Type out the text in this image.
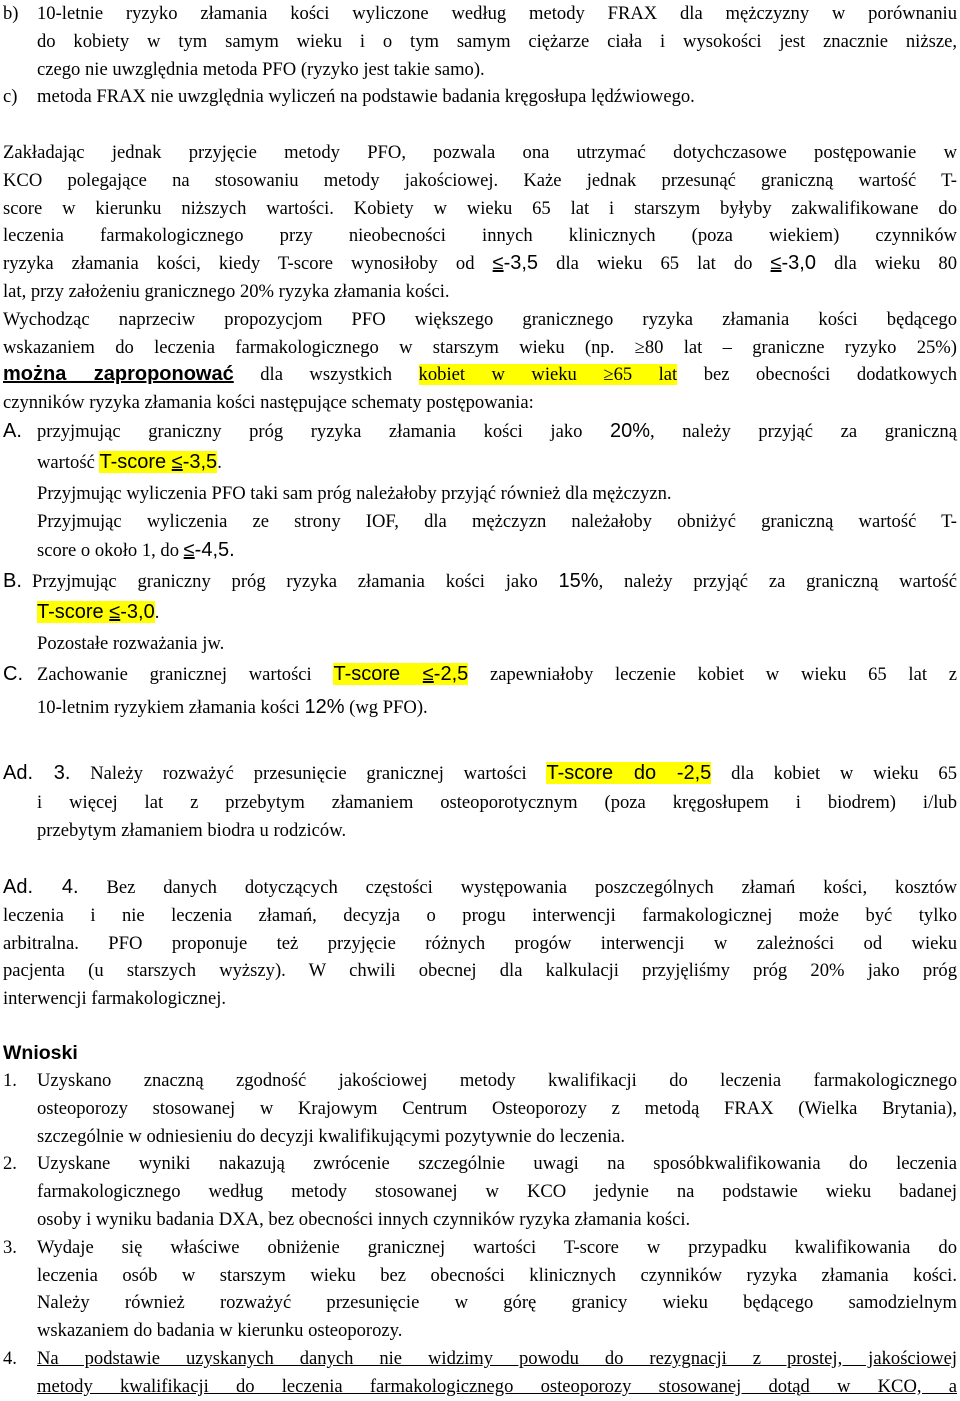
b) 10-letnie ryzyko złamania kości wyliczone według metody FRAX dla mężczyzny w porównaniu
do kobiety w tym samym wieku i o tym samym ciężarze ciała i wysokości jest znacznie niższe,
czego nie uwzględnia metoda PFO (ryzyko jest takie samo).
c)	metoda FRAX nie uwzględnia wyliczeń na podstawie badania kręgosłupa lędźwiowego.
Zakładając jednak przyjęcie metody PFO, pozwala ona utrzymać dotychczasowe postępowanie w
KCO polegające na stosowaniu metody jakościowej. Każe jednak przesunąć graniczną wartość T-
score w kierunku niższych wartości. Kobiety w wieku 65 lat i starszym byłyby zakwalifikowane do
leczenia farmakologicznego przy nieobecności innych klinicznych (poza wiekiem) czynników
ryzyka złamania kości, kiedy T-score wynosiłoby od ≤-3,5 dla wieku 65 lat do ≤-3,0 dla wieku 80
lat, przy założeniu granicznego 20% ryzyka złamania kości.
Wychodząc naprzeciw propozycjom PFO większego granicznego ryzyka złamania kości będącego
wskazaniem do leczenia farmakologicznego w starszym wieku (np. ≥80 lat – graniczne ryzyko 25%)
można zaproponować dla wszystkich kobiet w wieku ≥65 lat bez obecności dodatkowych
czynników ryzyka złamania kości następujące schematy postępowania:
A. przyjmując graniczny próg ryzyka złamania kości jako 20%, należy przyjąć za graniczną
wartość T-score ≤-3,5.
Przyjmując wyliczenia PFO taki sam próg należałoby przyjąć również dla mężczyzn.
Przyjmując wyliczenia ze strony IOF, dla mężczyzn należałoby obniżyć graniczną wartość T-
score o około 1, do ≤-4,5.
B. Przyjmując graniczny próg ryzyka złamania kości jako 15%, należy przyjąć za graniczną wartość
T-score ≤-3,0.
Pozostałe rozważania jw.
C. Zachowanie granicznej wartości T-score ≤-2,5 zapewniałoby leczenie kobiet w wieku 65 lat z
10-letnim ryzykiem złamania kości 12% (wg PFO).
Ad. 3. Należy rozważyć przesunięcie granicznej wartości T-score do -2,5 dla kobiet w wieku 65
i więcej lat z przebytym złamaniem osteoporotycznym (poza kręgosłupem i biodrem) i/lub
przebytym złamaniem biodra u rodziców.
Ad. 4. Bez danych dotyczących częstości występowania poszczególnych złamań kości, kosztów
leczenia i nie leczenia złamań, decyzja o progu interwencji farmakologicznej może być tylko
arbitralna. PFO proponuje też przyjęcie różnych progów interwencji w zależności od wieku
pacjenta (u starszych wyższy). W chwili obecnej dla kalkulacji przyjęliśmy próg 20% jako próg
interwencji farmakologicznej.
Wnioski
1.	Uzyskano znaczną zgodność jakościowej metody kwalifikacji do leczenia farmakologicznego
osteoporozy stosowanej w Krajowym Centrum Osteoporozy z metodą FRAX (Wielka Brytania),
szczególnie w odniesieniu do decyzji kwalifikującymi pozytywnie do leczenia.
2.	Uzyskane wyniki nakazują zwrócenie szczególnie uwagi na sposóbkwalifikowania do leczenia
farmakologicznego według metody stosowanej w KCO jedynie na podstawie wieku badanej
osoby i wyniku badania DXA, bez obecności innych czynników ryzyka złamania kości.
3.	Wydaje się właściwe obniżenie granicznej wartości T-score w przypadku kwalifikowania do
leczenia osób w starszym wieku bez obecności klinicznych czynników ryzyka złamania kości.
Należy również rozważyć przesunięcie w górę granicy wieku będącego samodzielnym
wskazaniem do badania w kierunku osteoporozy.
4.	Na podstawie uzyskanych danych nie widzimy powodu do rezygnacji z prostej, jakościowej
metody kwalifikacji do leczenia farmakologicznego osteoporozy stosowanej dotąd w KCO, a
